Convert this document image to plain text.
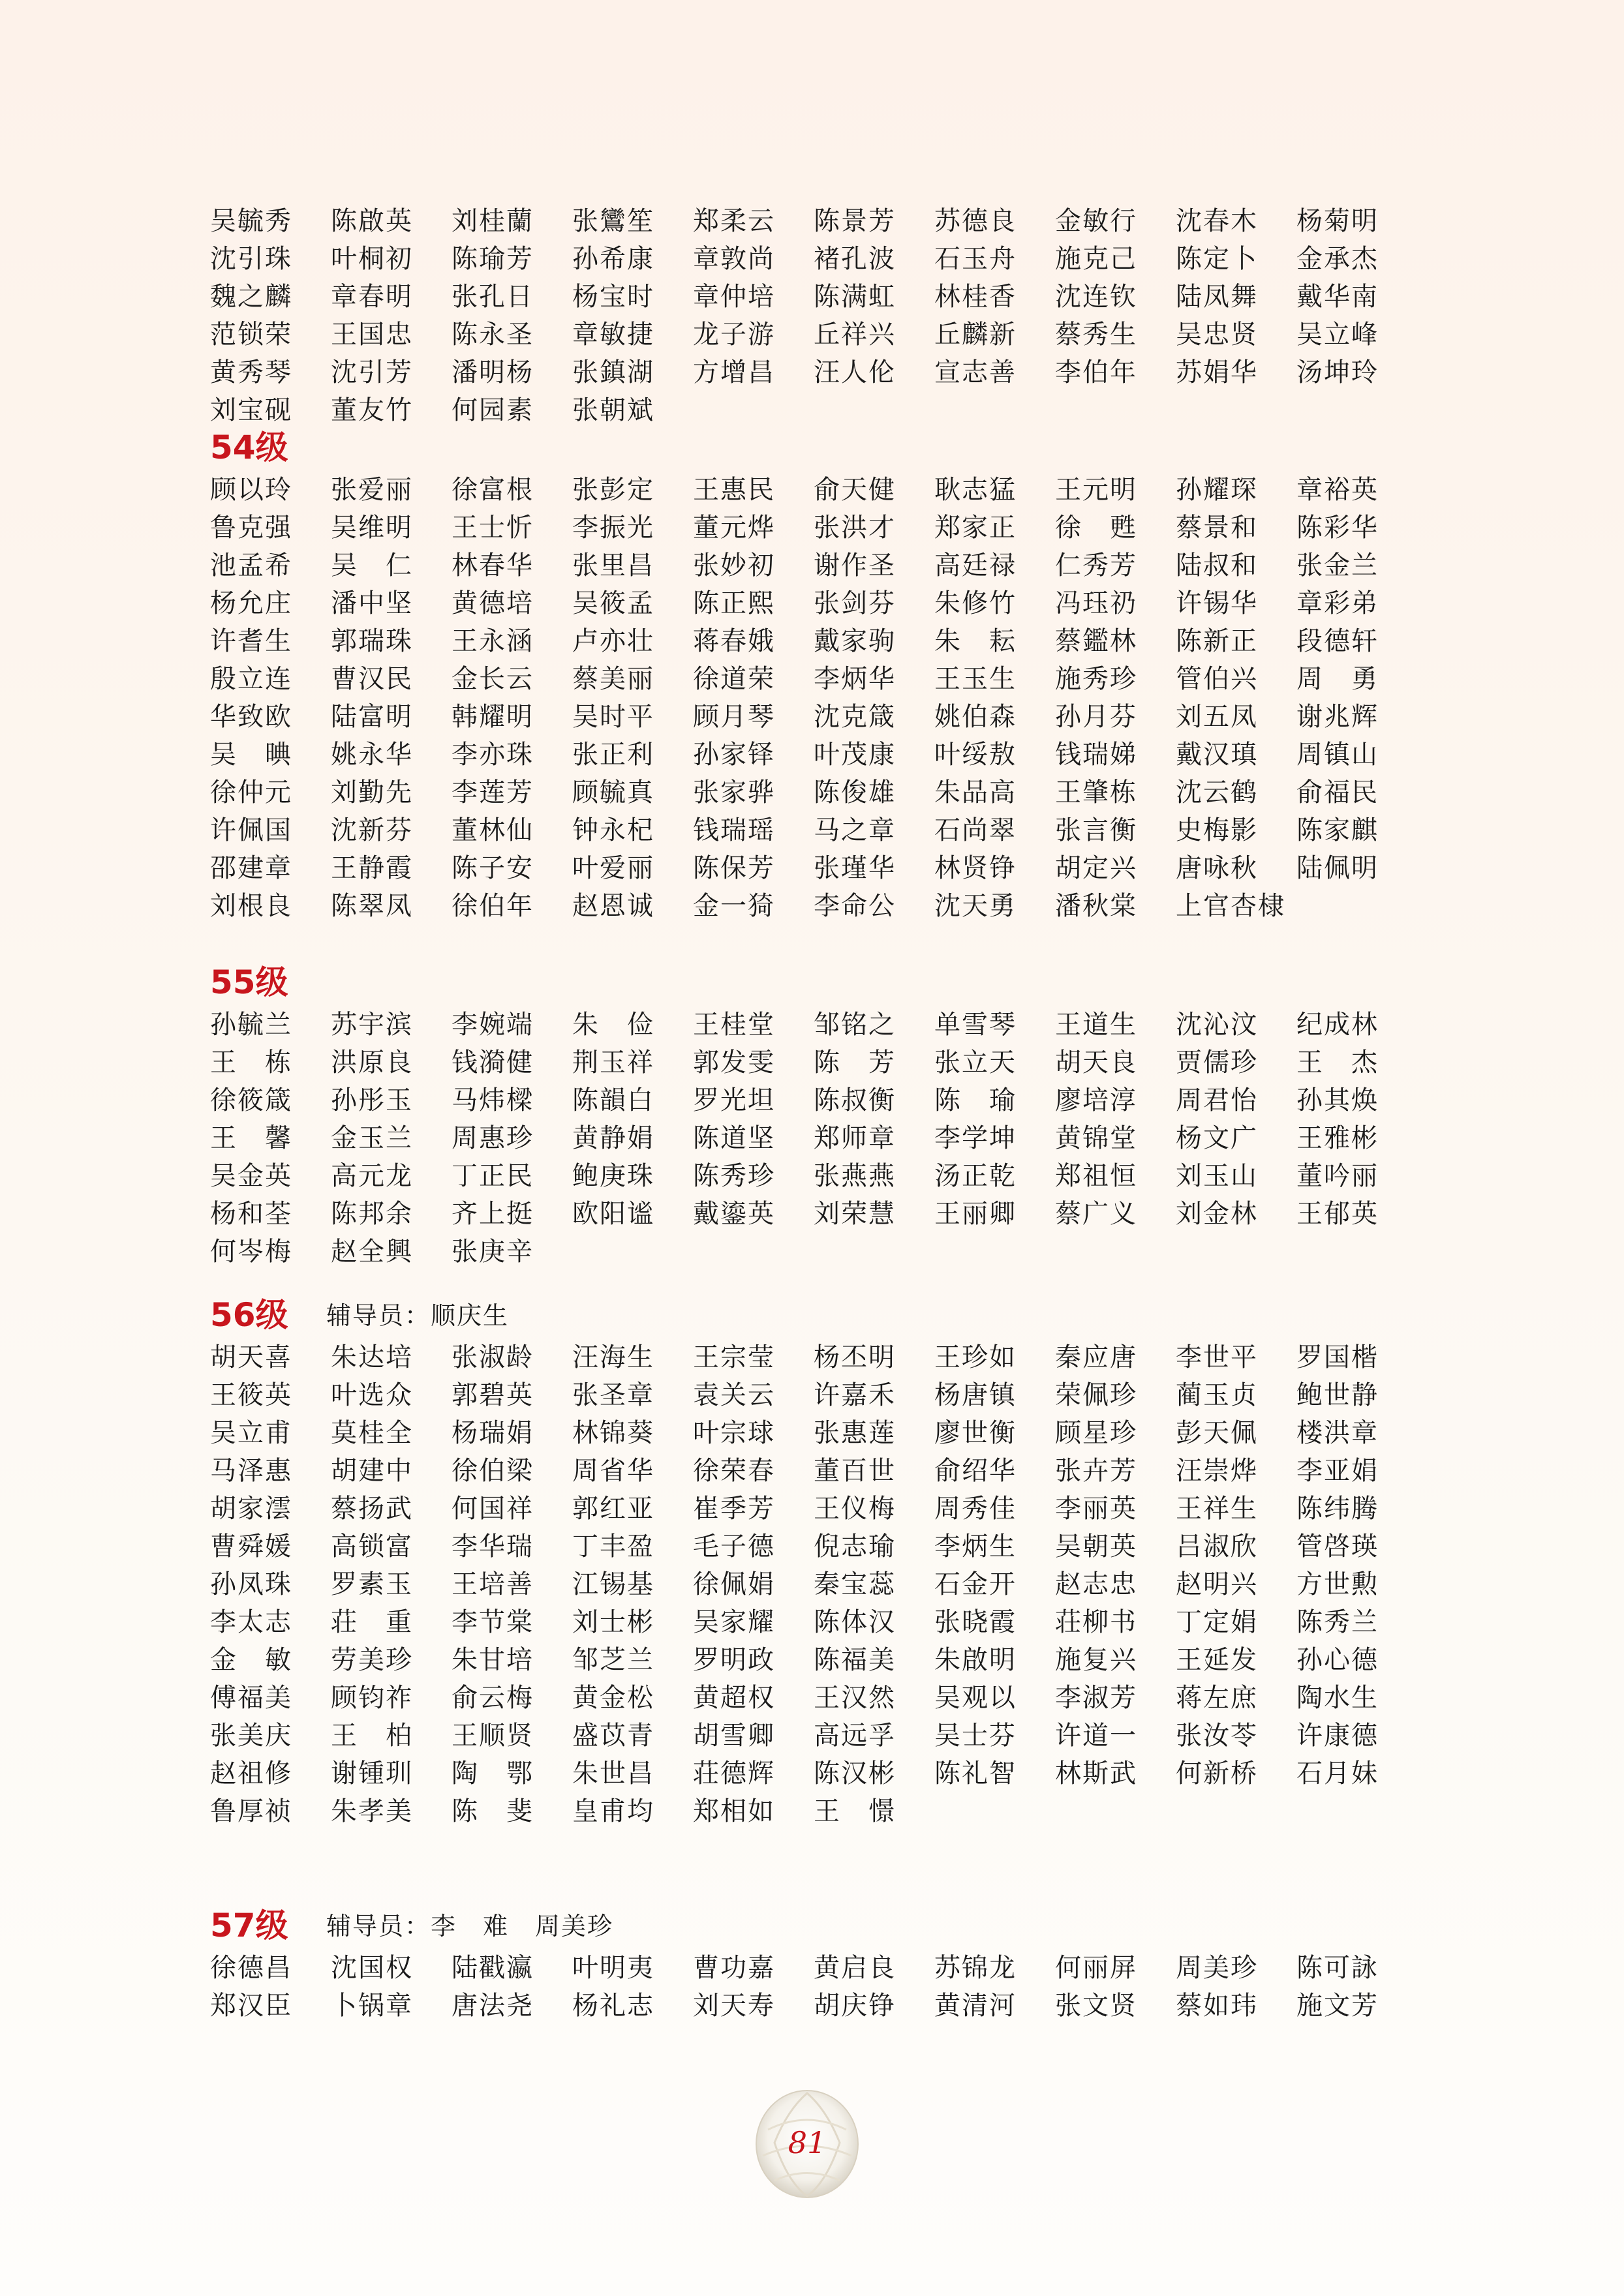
吴毓秀 陈啟英 刘桂蘭 张鸞笙 郑柔云 陈景芳 苏德良 金敏行 沈春木 杨菊明
沈引珠 叶桐初 陈瑜芳 孙希康 章敦尚 褚孔波 石玉舟 施克己 陈定卜 金承杰
魏之麟 章春明 张孔日 杨宝时 章仲培 陈满虹 林桂香 沈连钦 陆凤舞 戴华南
范锁荣 王国忠 陈永圣 章敏捷 龙子游 丘祥兴 丘麟新 蔡秀生 吴忠贤 吴立峰
黄秀琴 沈引芳 潘明杨 张鎮湖 方增昌 汪人伦 宣志善 李伯年 苏娟华 汤坤玲
刘宝砚 董友竹 何园素 张朝斌
54级
顾以玲 张爱丽 徐富根 张彭定 王惠民 俞天健 耿志猛 王元明 孙耀琛 章裕英
鲁克强 吴维明 王士忻 李振光 董元烨 张洪才 郑家正 徐　甦 蔡景和 陈彩华
池孟希 吴　仁 林春华 张里昌 张妙初 谢作圣 高廷禄 仁秀芳 陆叔和 张金兰
杨允庄 潘中坚 黄德培 吴筱孟 陈正熙 张剑芬 朱修竹 冯珏礽 许锡华 章彩弟
许耆生 郭瑞珠 王永涵 卢亦壮 蒋春娥 戴家驹 朱　耘 蔡鑑林 陈新正 段德轩
殷立连 曹汉民 金长云 蔡美丽 徐道荣 李炳华 王玉生 施秀珍 管伯兴 周　勇
华致欧 陆富明 韩耀明 吴时平 顾月琴 沈克箴 姚伯森 孙月芬 刘五凤 谢兆辉
吴　晪 姚永华 李亦珠 张正利 孙家铎 叶茂康 叶绥敖 钱瑞娣 戴汉瑱 周镇山
徐仲元 刘勤先 李莲芳 顾毓真 张家骅 陈俊雄 朱品高 王肇栋 沈云鹤 俞福民
许佩国 沈新芬 董林仙 钟永杞 钱瑞瑶 马之章 石尚翠 张言衡 史梅影 陈家麒
邵建章 王静霞 陈子安 叶爱丽 陈保芳 张瑾华 林贤铮 胡定兴 唐咏秋 陆佩明
刘根良 陈翠凤 徐伯年 赵恩诚 金一猗 李命公 沈天勇 潘秋棠 上官杏棣
55级
孙毓兰 苏宇滨 李婉端 朱　俭 王桂堂 邹铭之 单雪琴 王道生 沈沁汶 纪成林
王　栋 洪原良 钱漪健 荆玉祥 郭发雯 陈　芳 张立天 胡天良 贾儒珍 王　杰
徐筱箴 孙彤玉 马炜樑 陈韻白 罗光坦 陈叔衡 陈　瑜 廖培淳 周君怡 孙其焕
王　馨 金玉兰 周惠珍 黄静娟 陈道坚 郑师章 李学坤 黄锦堂 杨文广 王雅彬
吴金英 高元龙 丁正民 鲍庚珠 陈秀珍 张燕燕 汤正乾 郑祖恒 刘玉山 董吟丽
杨和荃 陈邦余 齐上挺 欧阳谧 戴鎏英 刘荣慧 王丽卿 蔡广义 刘金林 王郁英
何岑梅 赵全興 张庚辛
56级 辅导员：顺庆生
胡天喜 朱达培 张淑龄 汪海生 王宗莹 杨丕明 王珍如 秦应唐 李世平 罗国楷
王筱英 叶选众 郭碧英 张圣章 袁关云 许嘉禾 杨唐镇 荣佩珍 蔺玉贞 鲍世静
吴立甫 莫桂全 杨瑞娟 林锦葵 叶宗球 张惠莲 廖世衡 顾星珍 彭天佩 楼洪章
马泽惠 胡建中 徐伯梁 周省华 徐荣春 董百世 俞绍华 张卉芳 汪崇烨 李亚娟
胡家澐 蔡扬武 何国祥 郭红亚 崔季芳 王仪梅 周秀佳 李丽英 王祥生 陈纬腾
曹舜媛 高锁富 李华瑞 丁丰盈 毛子德 倪志瑜 李炳生 吴朝英 吕淑欣 管啓瑛
孙凤珠 罗素玉 王培善 江锡基 徐佩娟 秦宝蕊 石金开 赵志忠 赵明兴 方世勲
李太志 荘　重 李节棠 刘士彬 吴家耀 陈体汉 张晓霞 荘柳书 丁定娟 陈秀兰
金　敏 劳美珍 朱甘培 邹芝兰 罗明政 陈福美 朱啟明 施复兴 王延发 孙心德
傅福美 顾钧祚 俞云梅 黄金松 黄超权 王汉然 吴观以 李淑芳 蒋左庶 陶水生
张美庆 王　柏 王顺贤 盛苡青 胡雪卿 高远孚 吴士芬 许道一 张汝苓 许康德
赵祖修 谢锺玔 陶　鄂 朱世昌 荘德辉 陈汉彬 陈礼智 林斯武 何新桥 石月妹
鲁厚祯 朱孝美 陈　斐 皇甫均 郑相如 王　憬
57级 辅导员：李　难　周美珍
徐德昌 沈国权 陆戳瀛 叶明夷 曹功嘉 黄启良 苏锦龙 何丽屏 周美珍 陈可詠
郑汉臣 卜锅章 唐法尧 杨礼志 刘天寿 胡庆铮 黄清河 张文贤 蔡如玮 施文芳
81
